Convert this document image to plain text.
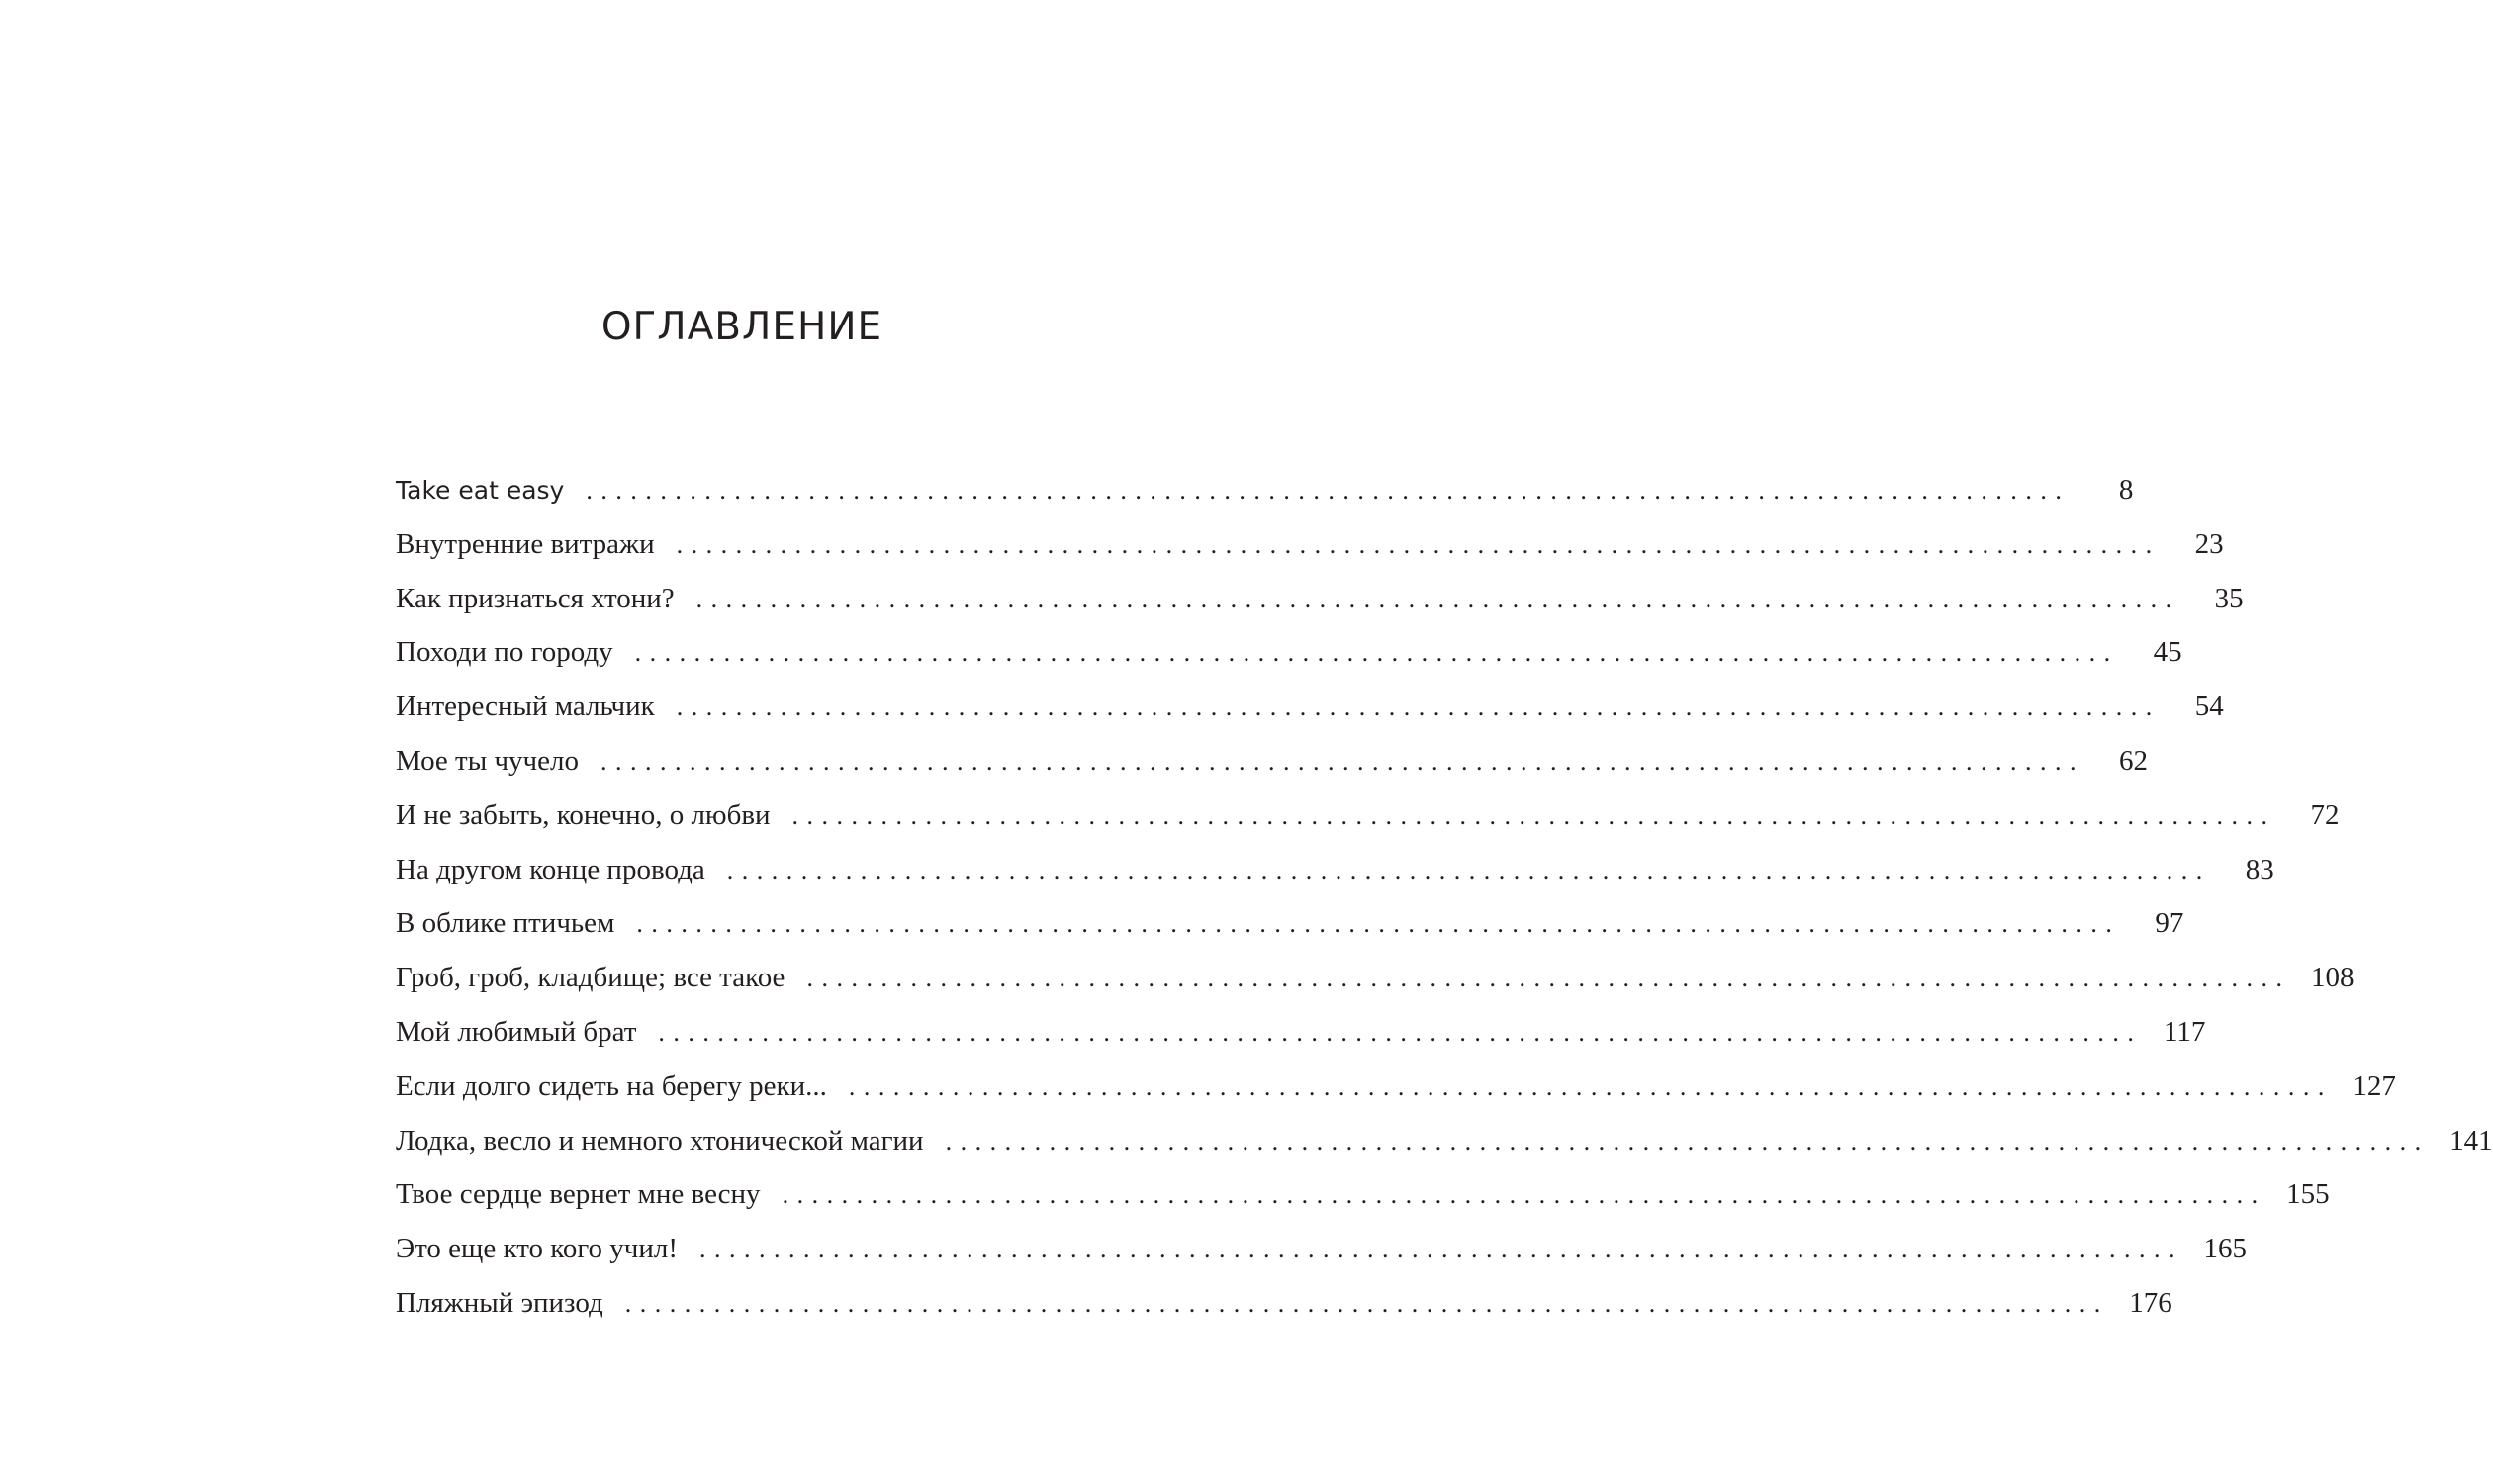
ОГЛАВЛЕНИЕ
Take eat easy ....................................................................................................	8
Внутренние витражи ....................................................................................................	23
Как признаться хтони? ....................................................................................................	35
Походи по городу ....................................................................................................	45
Интересный мальчик ....................................................................................................	54
Мое ты чучело ....................................................................................................	62
И не забыть, конечно, о любви ....................................................................................................	72
На другом конце провода ....................................................................................................	83
В облике птичьем ....................................................................................................	97
Гроб, гроб, кладбище; все такое .................................................................................................... 108
Мой любимый брат .................................................................................................... 117
Если долго сидеть на берегу реки... .................................................................................................... 127
Лодка, весло и немного хтонической магии .................................................................................................... 141
Твое сердце вернет мне весну .................................................................................................... 155
Это еще кто кого учил! .................................................................................................... 165
Пляжный эпизод .................................................................................................... 176
